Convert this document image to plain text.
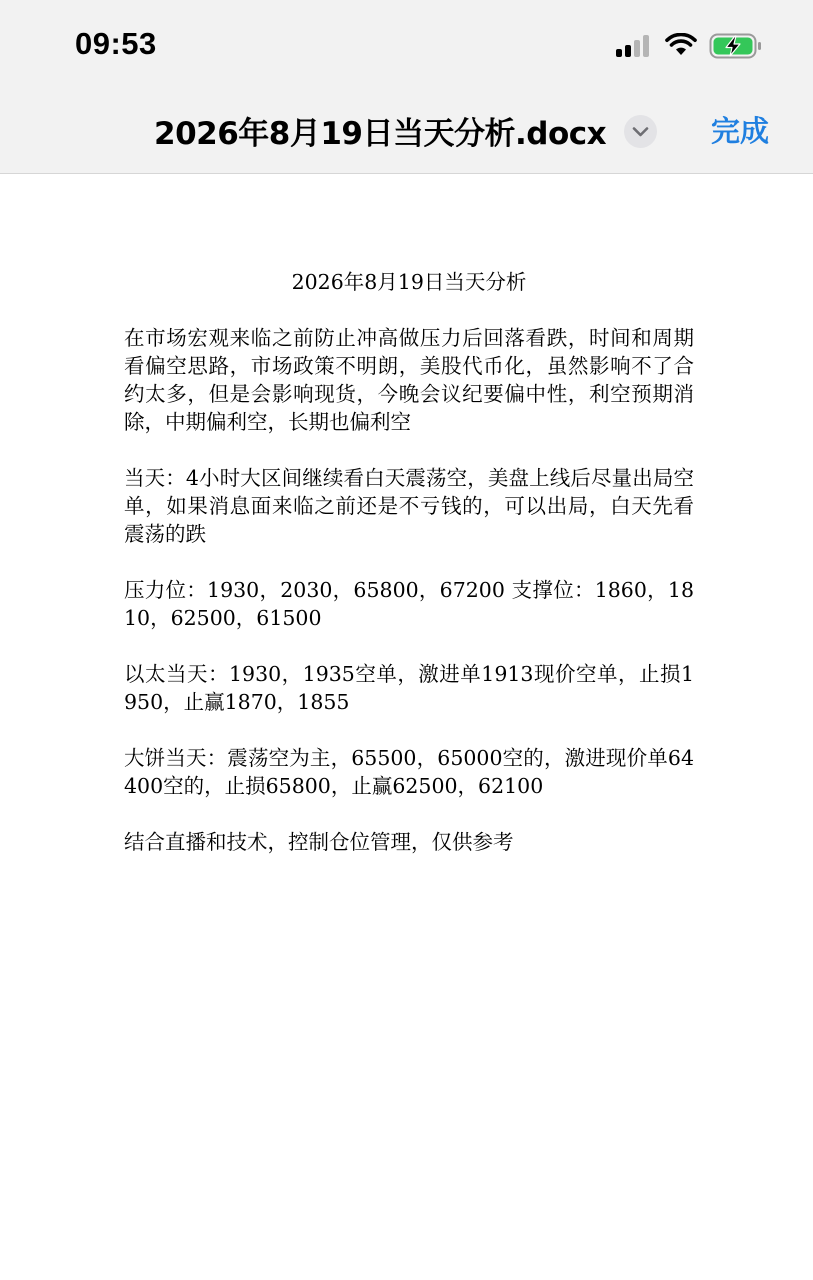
09:53
2026年8月19日当天分析.docx	完成
2026年8月19日当天分析

在市场宏观来临之前防止冲高做压力后回落看跌，时间和周期看偏空思路，市场政策不明朗，美股代币化，虽然影响不了合约太多，但是会影响现货，今晚会议纪要偏中性，利空预期消除，中期偏利空，长期也偏利空

当天：4小时大区间继续看白天震荡空，美盘上线后尽量出局空单，如果消息面来临之前还是不亏钱的，可以出局，白天先看震荡的跌

压力位：1930，2030，65800，67200 支撑位：1860，1810，62500，61500

以太当天：1930，1935空单，激进单1913现价空单，止损1950，止赢1870，1855

大饼当天：震荡空为主，65500，65000空的，激进现价单64400空的，止损65800，止赢62500，62100

结合直播和技术，控制仓位管理，仅供参考
